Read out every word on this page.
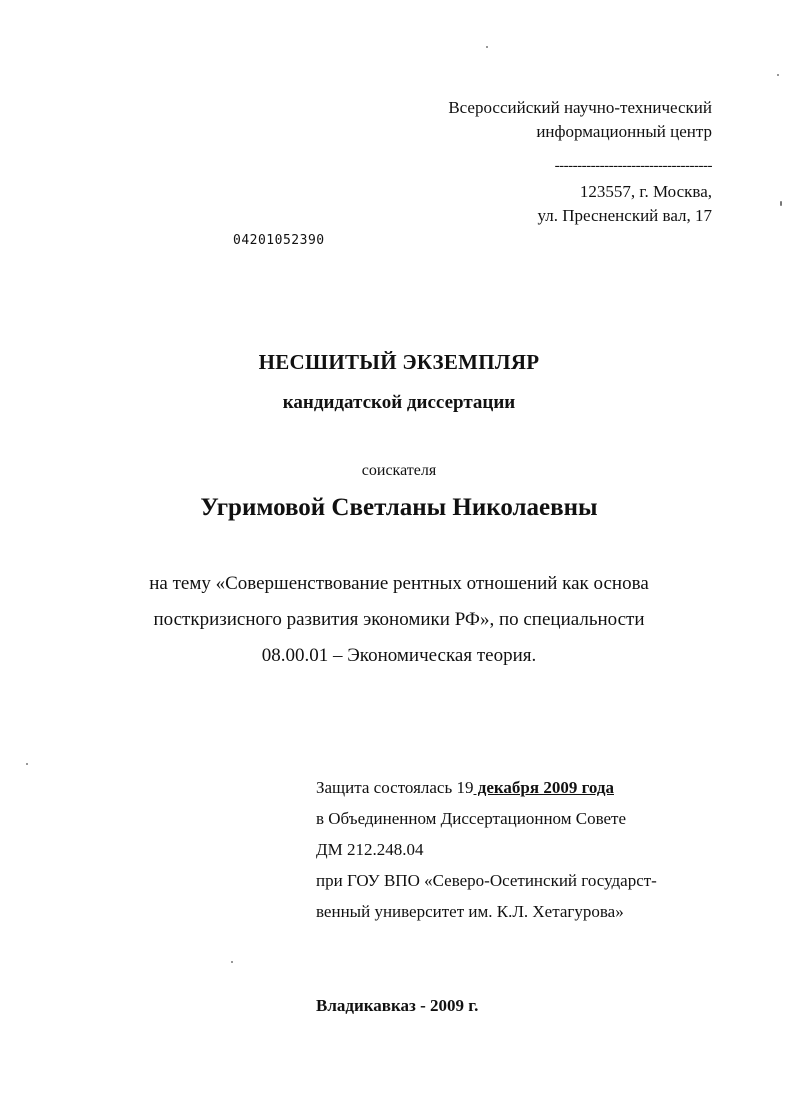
Всероссийский научно-технический
информационный центр
-----------------------------------
123557, г. Москва,
ул. Пресненский вал, 17
04201052390
НЕСШИТЫЙ ЭКЗЕМПЛЯР
кандидатской диссертации
соискателя
Угримовой Светланы Николаевны
на тему «Совершенствование рентных отношений как основа
посткризисного развития экономики РФ», по специальности
08.00.01 – Экономическая теория.
Защита состоялась 19 декабря 2009 года
в Объединенном Диссертационном Совете
ДМ 212.248.04
при ГОУ ВПО «Северо-Осетинский государст-
венный университет им. К.Л. Хетагурова»
Владикавказ - 2009 г.
